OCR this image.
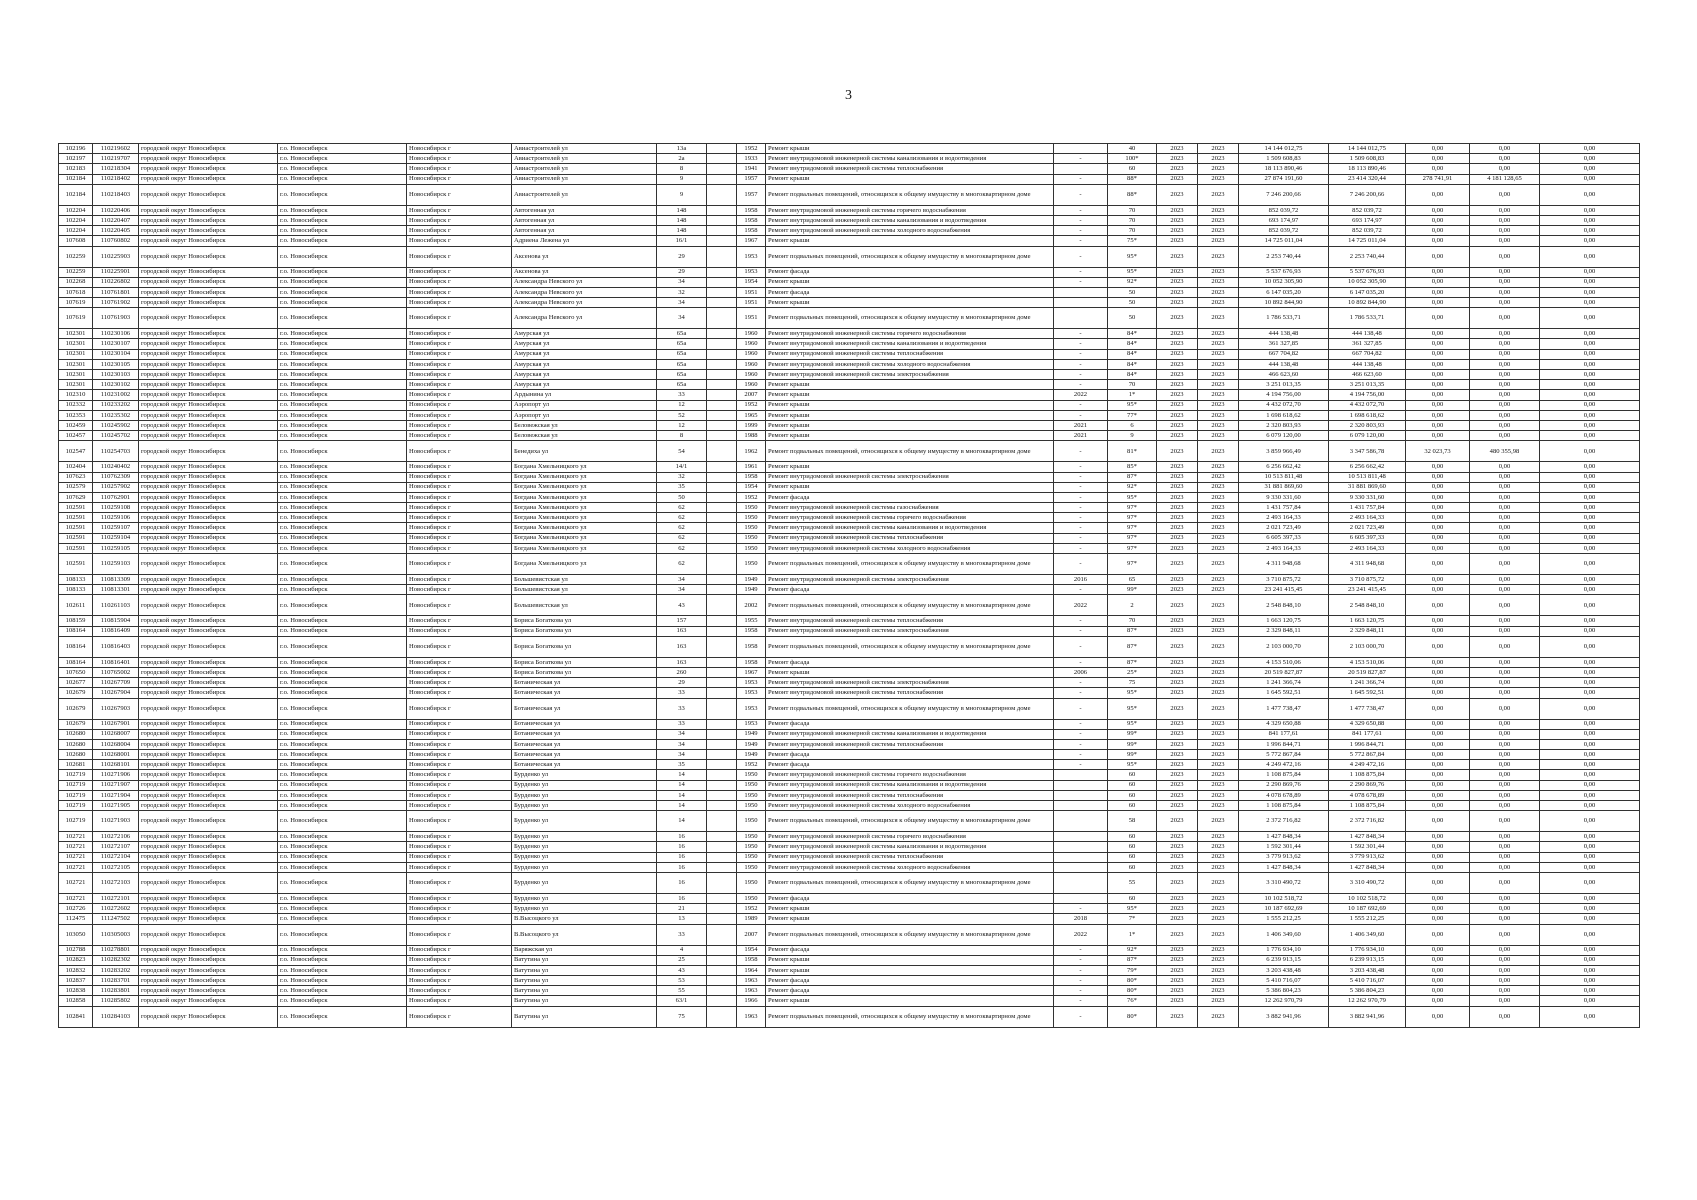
3
102196	110219602	городской округ Новосибирск	г.о. Новосибирск	Новосибирск г	Авиастроителей ул	13а		1952	Ремонт крыши		40	2023	2023	14 144 012,75	14 144 012,75	0,00	0,00	0,00
102197	110219707	городской округ Новосибирск	г.о. Новосибирск	Новосибирск г	Авиастроителей ул	2а		1933	Ремонт внутридомовой инженерной системы канализования и водоотведения	-	100*	2023	2023	1 509 608,83	1 509 608,83	0,00	0,00	0,00
102183	110218304	городской округ Новосибирск	г.о. Новосибирск	Новосибирск г	Авиастроителей ул	8		1941	Ремонт внутридомовой инженерной системы теплоснабжения		60	2023	2023	18 113 890,46	18 113 890,46	0,00	0,00	0,00
102184	110218402	городской округ Новосибирск	г.о. Новосибирск	Новосибирск г	Авиастроителей ул	9		1957	Ремонт крыши	-	88*	2023	2023	27 874 191,60	23 414 320,44	278 741,91	4 181 128,65	0,00
102184	110218403	городской округ Новосибирск	г.о. Новосибирск	Новосибирск г	Авиастроителей ул	9		1957	Ремонт подвальных помещений, относящихся к общему имуществу в многоквартирном доме	-	88*	2023	2023	7 246 200,66	7 246 200,66	0,00	0,00	0,00
102204	110220406	городской округ Новосибирск	г.о. Новосибирск	Новосибирск г	Автогенная ул	148		1958	Ремонт внутридомовой инженерной системы горячего водоснабжения	-	70	2023	2023	852 039,72	852 039,72	0,00	0,00	0,00
102204	110220407	городской округ Новосибирск	г.о. Новосибирск	Новосибирск г	Автогенная ул	148		1958	Ремонт внутридомовой инженерной системы канализования и водоотведения	-	70	2023	2023	693 174,97	693 174,97	0,00	0,00	0,00
102204	110220405	городской округ Новосибирск	г.о. Новосибирск	Новосибирск г	Автогенная ул	148		1958	Ремонт внутридомовой инженерной системы холодного водоснабжения	-	70	2023	2023	852 039,72	852 039,72	0,00	0,00	0,00
107608	110760802	городской округ Новосибирск	г.о. Новосибирск	Новосибирск г	Адриена Лежена ул	16/1		1967	Ремонт крыши	-	75*	2023	2023	14 725 011,04	14 725 011,04	0,00	0,00	0,00
102259	110225903	городской округ Новосибирск	г.о. Новосибирск	Новосибирск г	Аксенова ул	29		1953	Ремонт подвальных помещений, относящихся к общему имуществу в многоквартирном доме	-	95*	2023	2023	2 253 740,44	2 253 740,44	0,00	0,00	0,00
102259	110225901	городской округ Новосибирск	г.о. Новосибирск	Новосибирск г	Аксенова ул	29		1953	Ремонт фасада	-	95*	2023	2023	5 537 676,93	5 537 676,93	0,00	0,00	0,00
102268	110226802	городской округ Новосибирск	г.о. Новосибирск	Новосибирск г	Александра Невского ул	34		1954	Ремонт крыши	-	92*	2023	2023	10 052 305,90	10 052 305,90	0,00	0,00	0,00
107618	110761801	городской округ Новосибирск	г.о. Новосибирск	Новосибирск г	Александра Невского ул	32		1951	Ремонт фасада		50	2023	2023	6 147 035,20	6 147 035,20	0,00	0,00	0,00
107619	110761902	городской округ Новосибирск	г.о. Новосибирск	Новосибирск г	Александра Невского ул	34		1951	Ремонт крыши		50	2023	2023	10 892 844,90	10 892 844,90	0,00	0,00	0,00
107619	110761903	городской округ Новосибирск	г.о. Новосибирск	Новосибирск г	Александра Невского ул	34		1951	Ремонт подвальных помещений, относящихся к общему имуществу в многоквартирном доме		50	2023	2023	1 786 533,71	1 786 533,71	0,00	0,00	0,00
102301	110230106	городской округ Новосибирск	г.о. Новосибирск	Новосибирск г	Амурская ул	65а		1960	Ремонт внутридомовой инженерной системы горячего водоснабжения	-	84*	2023	2023	444 138,48	444 138,48	0,00	0,00	0,00
102301	110230107	городской округ Новосибирск	г.о. Новосибирск	Новосибирск г	Амурская ул	65а		1960	Ремонт внутридомовой инженерной системы канализования и водоотведения	-	84*	2023	2023	361 327,85	361 327,85	0,00	0,00	0,00
102301	110230104	городской округ Новосибирск	г.о. Новосибирск	Новосибирск г	Амурская ул	65а		1960	Ремонт внутридомовой инженерной системы теплоснабжения	-	84*	2023	2023	667 704,82	667 704,82	0,00	0,00	0,00
102301	110230105	городской округ Новосибирск	г.о. Новосибирск	Новосибирск г	Амурская ул	65а		1960	Ремонт внутридомовой инженерной системы холодного водоснабжения	-	84*	2023	2023	444 138,48	444 138,48	0,00	0,00	0,00
102301	110230103	городской округ Новосибирск	г.о. Новосибирск	Новосибирск г	Амурская ул	65а		1960	Ремонт внутридомовой инженерной системы электроснабжения	-	84*	2023	2023	466 623,60	466 623,60	0,00	0,00	0,00
102301	110230102	городской округ Новосибирск	г.о. Новосибирск	Новосибирск г	Амурская ул	65а		1960	Ремонт крыши	-	70	2023	2023	3 251 013,35	3 251 013,35	0,00	0,00	0,00
102310	110231002	городской округ Новосибирск	г.о. Новосибирск	Новосибирск г	Ардынина ул	33		2007	Ремонт крыши	2022	1*	2023	2023	4 194 756,00	4 194 756,00	0,00	0,00	0,00
102332	110233202	городской округ Новосибирск	г.о. Новосибирск	Новосибирск г	Аэропорт ул	12		1952	Ремонт крыши	-	95*	2023	2023	4 432 072,70	4 432 072,70	0,00	0,00	0,00
102353	110235302	городской округ Новосибирск	г.о. Новосибирск	Новосибирск г	Аэропорт ул	52		1965	Ремонт крыши	-	77*	2023	2023	1 698 618,62	1 698 618,62	0,00	0,00	0,00
102459	110245902	городской округ Новосибирск	г.о. Новосибирск	Новосибирск г	Беловежская ул	12		1999	Ремонт крыши	2021	6	2023	2023	2 320 803,93	2 320 803,93	0,00	0,00	0,00
102457	110245702	городской округ Новосибирск	г.о. Новосибирск	Новосибирск г	Беловежская ул	8		1988	Ремонт крыши	2021	9	2023	2023	6 079 120,00	6 079 120,00	0,00	0,00	0,00
102547	110254703	городской округ Новосибирск	г.о. Новосибирск	Новосибирск г	Бенедиха ул	54		1962	Ремонт подвальных помещений, относящихся к общему имуществу в многоквартирном доме	-	81*	2023	2023	3 859 966,49	3 347 586,78	32 023,73	480 355,98	0,00
102404	110240402	городской округ Новосибирск	г.о. Новосибирск	Новосибирск г	Богдана Хмельницкого ул	14/1		1961	Ремонт крыши	-	85*	2023	2023	6 256 662,42	6 256 662,42	0,00	0,00	0,00
107623	110762309	городской округ Новосибирск	г.о. Новосибирск	Новосибирск г	Богдана Хмельницкого ул	32		1958	Ремонт внутридомовой инженерной системы электроснабжения	-	87*	2023	2023	10 513 811,48	10 513 811,48	0,00	0,00	0,00
102579	110257902	городской округ Новосибирск	г.о. Новосибирск	Новосибирск г	Богдана Хмельницкого ул	35		1954	Ремонт крыши	-	92*	2023	2023	31 881 869,60	31 881 869,60	0,00	0,00	0,00
107629	110762901	городской округ Новосибирск	г.о. Новосибирск	Новосибирск г	Богдана Хмельницкого ул	50		1952	Ремонт фасада	-	95*	2023	2023	9 330 331,60	9 330 331,60	0,00	0,00	0,00
102591	110259108	городской округ Новосибирск	г.о. Новосибирск	Новосибирск г	Богдана Хмельницкого ул	62		1950	Ремонт внутридомовой инженерной системы газоснабжения	-	97*	2023	2023	1 431 757,84	1 431 757,84	0,00	0,00	0,00
102591	110259106	городской округ Новосибирск	г.о. Новосибирск	Новосибирск г	Богдана Хмельницкого ул	62		1950	Ремонт внутридомовой инженерной системы горячего водоснабжения	-	97*	2023	2023	2 493 164,33	2 493 164,33	0,00	0,00	0,00
102591	110259107	городской округ Новосибирск	г.о. Новосибирск	Новосибирск г	Богдана Хмельницкого ул	62		1950	Ремонт внутридомовой инженерной системы канализования и водоотведения	-	97*	2023	2023	2 021 723,49	2 021 723,49	0,00	0,00	0,00
102591	110259104	городской округ Новосибирск	г.о. Новосибирск	Новосибирск г	Богдана Хмельницкого ул	62		1950	Ремонт внутридомовой инженерной системы теплоснабжения	-	97*	2023	2023	6 605 397,33	6 605 397,33	0,00	0,00	0,00
102591	110259105	городской округ Новосибирск	г.о. Новосибирск	Новосибирск г	Богдана Хмельницкого ул	62		1950	Ремонт внутридомовой инженерной системы холодного водоснабжения	-	97*	2023	2023	2 493 164,33	2 493 164,33	0,00	0,00	0,00
102591	110259103	городской округ Новосибирск	г.о. Новосибирск	Новосибирск г	Богдана Хмельницкого ул	62		1950	Ремонт подвальных помещений, относящихся к общему имуществу в многоквартирном доме	-	97*	2023	2023	4 311 948,68	4 311 948,68	0,00	0,00	0,00
108133	110813309	городской округ Новосибирск	г.о. Новосибирск	Новосибирск г	Большевистская ул	34		1949	Ремонт внутридомовой инженерной системы электроснабжения	2016	65	2023	2023	3 710 875,72	3 710 875,72	0,00	0,00	0,00
108133	110813301	городской округ Новосибирск	г.о. Новосибирск	Новосибирск г	Большевистская ул	34		1949	Ремонт фасада	-	99*	2023	2023	23 241 415,45	23 241 415,45	0,00	0,00	0,00
102611	110261103	городской округ Новосибирск	г.о. Новосибирск	Новосибирск г	Большевистская ул	43		2002	Ремонт подвальных помещений, относящихся к общему имуществу в многоквартирном доме	2022	2	2023	2023	2 548 848,10	2 548 848,10	0,00	0,00	0,00
108159	110815904	городской округ Новосибирск	г.о. Новосибирск	Новосибирск г	Бориса Богаткова ул	157		1955	Ремонт внутридомовой инженерной системы теплоснабжения	-	70	2023	2023	1 663 120,75	1 663 120,75	0,00	0,00	0,00
108164	110816409	городской округ Новосибирск	г.о. Новосибирск	Новосибирск г	Бориса Богаткова ул	163		1958	Ремонт внутридомовой инженерной системы электроснабжения	-	87*	2023	2023	2 329 848,11	2 329 848,11	0,00	0,00	0,00
108164	110816403	городской округ Новосибирск	г.о. Новосибирск	Новосибирск г	Бориса Богаткова ул	163		1958	Ремонт подвальных помещений, относящихся к общему имуществу в многоквартирном доме	-	87*	2023	2023	2 103 000,70	2 103 000,70	0,00	0,00	0,00
108164	110816401	городской округ Новосибирск	г.о. Новосибирск	Новосибирск г	Бориса Богаткова ул	163		1958	Ремонт фасада	-	87*	2023	2023	4 153 510,06	4 153 510,06	0,00	0,00	0,00
107650	110765002	городской округ Новосибирск	г.о. Новосибирск	Новосибирск г	Бориса Богаткова ул	260		1967	Ремонт крыши	2006	25*	2023	2023	20 519 827,87	20 519 827,87	0,00	0,00	0,00
102677	110267709	городской округ Новосибирск	г.о. Новосибирск	Новосибирск г	Ботаническая ул	29		1953	Ремонт внутридомовой инженерной системы электроснабжения	-	75	2023	2023	1 241 366,74	1 241 366,74	0,00	0,00	0,00
102679	110267904	городской округ Новосибирск	г.о. Новосибирск	Новосибирск г	Ботаническая ул	33		1953	Ремонт внутридомовой инженерной системы теплоснабжения	-	95*	2023	2023	1 645 592,51	1 645 592,51	0,00	0,00	0,00
102679	110267903	городской округ Новосибирск	г.о. Новосибирск	Новосибирск г	Ботаническая ул	33		1953	Ремонт подвальных помещений, относящихся к общему имуществу в многоквартирном доме	-	95*	2023	2023	1 477 738,47	1 477 738,47	0,00	0,00	0,00
102679	110267901	городской округ Новосибирск	г.о. Новосибирск	Новосибирск г	Ботаническая ул	33		1953	Ремонт фасада	-	95*	2023	2023	4 329 650,88	4 329 650,88	0,00	0,00	0,00
102680	110268007	городской округ Новосибирск	г.о. Новосибирск	Новосибирск г	Ботаническая ул	34		1949	Ремонт внутридомовой инженерной системы канализования и водоотведения	-	99*	2023	2023	841 177,61	841 177,61	0,00	0,00	0,00
102680	110268004	городской округ Новосибирск	г.о. Новосибирск	Новосибирск г	Ботаническая ул	34		1949	Ремонт внутридомовой инженерной системы теплоснабжения	-	99*	2023	2023	1 996 844,71	1 996 844,71	0,00	0,00	0,00
102680	110268001	городской округ Новосибирск	г.о. Новосибирск	Новосибирск г	Ботаническая ул	34		1949	Ремонт фасада	-	99*	2023	2023	5 772 867,84	5 772 867,84	0,00	0,00	0,00
102681	110268101	городской округ Новосибирск	г.о. Новосибирск	Новосибирск г	Ботаническая ул	35		1952	Ремонт фасада	-	95*	2023	2023	4 249 472,16	4 249 472,16	0,00	0,00	0,00
102719	110271906	городской округ Новосибирск	г.о. Новосибирск	Новосибирск г	Бурденко ул	14		1950	Ремонт внутридомовой инженерной системы горячего водоснабжения		60	2023	2023	1 108 875,84	1 108 875,84	0,00	0,00	0,00
102719	110271907	городской округ Новосибирск	г.о. Новосибирск	Новосибирск г	Бурденко ул	14		1950	Ремонт внутридомовой инженерной системы канализования и водоотведения		60	2023	2023	2 290 869,76	2 290 869,76	0,00	0,00	0,00
102719	110271904	городской округ Новосибирск	г.о. Новосибирск	Новосибирск г	Бурденко ул	14		1950	Ремонт внутридомовой инженерной системы теплоснабжения		60	2023	2023	4 078 678,89	4 078 678,89	0,00	0,00	0,00
102719	110271905	городской округ Новосибирск	г.о. Новосибирск	Новосибирск г	Бурденко ул	14		1950	Ремонт внутридомовой инженерной системы холодного водоснабжения		60	2023	2023	1 108 875,84	1 108 875,84	0,00	0,00	0,00
102719	110271903	городской округ Новосибирск	г.о. Новосибирск	Новосибирск г	Бурденко ул	14		1950	Ремонт подвальных помещений, относящихся к общему имуществу в многоквартирном доме		58	2023	2023	2 372 716,82	2 372 716,82	0,00	0,00	0,00
102721	110272106	городской округ Новосибирск	г.о. Новосибирск	Новосибирск г	Бурденко ул	16		1950	Ремонт внутридомовой инженерной системы горячего водоснабжения		60	2023	2023	1 427 848,34	1 427 848,34	0,00	0,00	0,00
102721	110272107	городской округ Новосибирск	г.о. Новосибирск	Новосибирск г	Бурденко ул	16		1950	Ремонт внутридомовой инженерной системы канализования и водоотведения		60	2023	2023	1 592 301,44	1 592 301,44	0,00	0,00	0,00
102721	110272104	городской округ Новосибирск	г.о. Новосибирск	Новосибирск г	Бурденко ул	16		1950	Ремонт внутридомовой инженерной системы теплоснабжения		60	2023	2023	3 779 913,62	3 779 913,62	0,00	0,00	0,00
102721	110272105	городской округ Новосибирск	г.о. Новосибирск	Новосибирск г	Бурденко ул	16		1950	Ремонт внутридомовой инженерной системы холодного водоснабжения		60	2023	2023	1 427 848,34	1 427 848,34	0,00	0,00	0,00
102721	110272103	городской округ Новосибирск	г.о. Новосибирск	Новосибирск г	Бурденко ул	16		1950	Ремонт подвальных помещений, относящихся к общему имуществу в многоквартирном доме		55	2023	2023	3 310 490,72	3 310 490,72	0,00	0,00	0,00
102721	110272101	городской округ Новосибирск	г.о. Новосибирск	Новосибирск г	Бурденко ул	16		1950	Ремонт фасада		60	2023	2023	10 102 518,72	10 102 518,72	0,00	0,00	0,00
102726	110272602	городской округ Новосибирск	г.о. Новосибирск	Новосибирск г	Бурденко ул	21		1952	Ремонт крыши	-	95*	2023	2023	10 187 692,69	10 187 692,69	0,00	0,00	0,00
112475	111247502	городской округ Новосибирск	г.о. Новосибирск	Новосибирск г	В.Высоцкого ул	13		1989	Ремонт крыши	2018	7*	2023	2023	1 555 212,25	1 555 212,25	0,00	0,00	0,00
103050	110305003	городской округ Новосибирск	г.о. Новосибирск	Новосибирск г	В.Высоцкого ул	33		2007	Ремонт подвальных помещений, относящихся к общему имуществу в многоквартирном доме	2022	1*	2023	2023	1 406 349,60	1 406 349,60	0,00	0,00	0,00
102788	110278801	городской округ Новосибирск	г.о. Новосибирск	Новосибирск г	Варяжская ул	4		1954	Ремонт фасада	-	92*	2023	2023	1 776 934,10	1 776 934,10	0,00	0,00	0,00
102823	110282302	городской округ Новосибирск	г.о. Новосибирск	Новосибирск г	Ватутина ул	25		1958	Ремонт крыши	-	87*	2023	2023	6 239 913,15	6 239 913,15	0,00	0,00	0,00
102832	110283202	городской округ Новосибирск	г.о. Новосибирск	Новосибирск г	Ватутина ул	43		1964	Ремонт крыши	-	79*	2023	2023	3 203 438,48	3 203 438,48	0,00	0,00	0,00
102837	110283701	городской округ Новосибирск	г.о. Новосибирск	Новосибирск г	Ватутина ул	53		1963	Ремонт фасада	-	80*	2023	2023	5 410 716,07	5 410 716,07	0,00	0,00	0,00
102838	110283801	городской округ Новосибирск	г.о. Новосибирск	Новосибирск г	Ватутина ул	55		1963	Ремонт фасада	-	80*	2023	2023	5 386 804,23	5 386 804,23	0,00	0,00	0,00
102858	110285802	городской округ Новосибирск	г.о. Новосибирск	Новосибирск г	Ватутина ул	63/1		1966	Ремонт крыши	-	76*	2023	2023	12 262 970,79	12 262 970,79	0,00	0,00	0,00
102841	110284103	городской округ Новосибирск	г.о. Новосибирск	Новосибирск г	Ватутина ул	75		1963	Ремонт подвальных помещений, относящихся к общему имуществу в многоквартирном доме	-	80*	2023	2023	3 882 941,96	3 882 941,96	0,00	0,00	0,00
